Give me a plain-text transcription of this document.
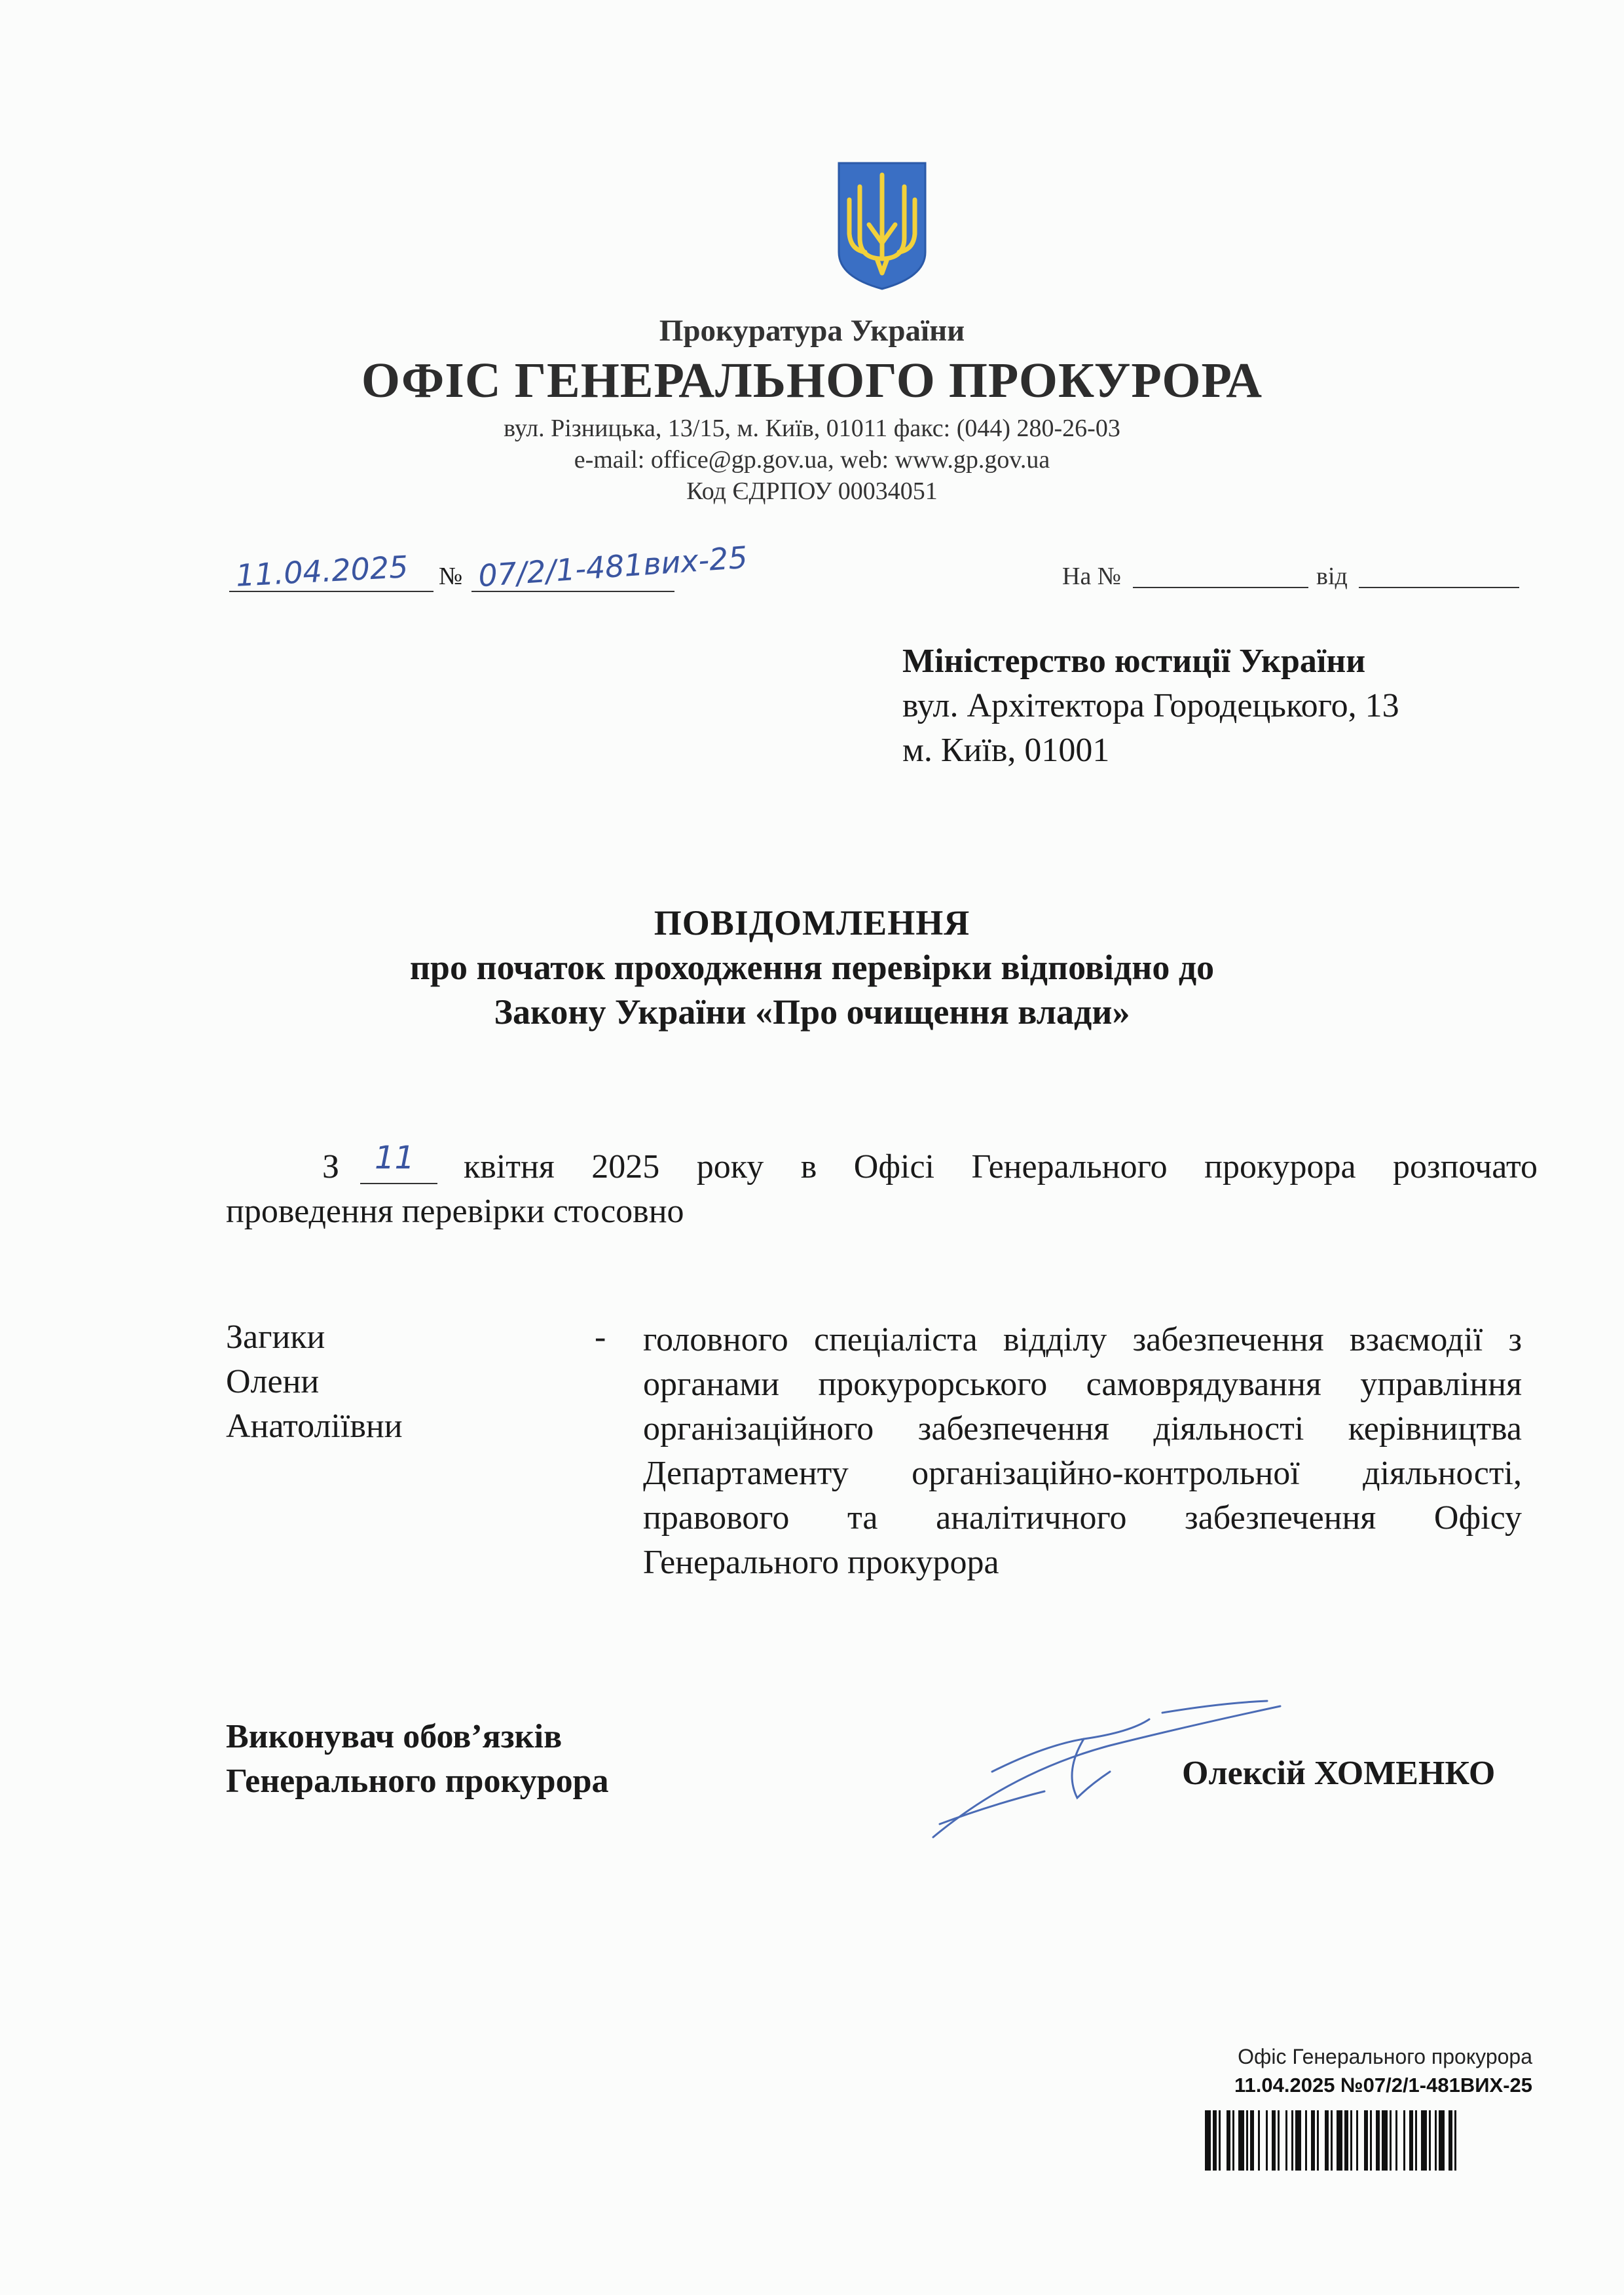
Прокуратура України
ОФІС ГЕНЕРАЛЬНОГО ПРОКУРОРА
вул. Різницька, 13/15, м. Київ, 01011 факс: (044) 280-26-03
e-mail: office@gp.gov.ua, web: www.gp.gov.ua
Код ЄДРПОУ 00034051
11.04.2025 № 07/2/1-481вих-25	На №	від
Міністерство юстиції України
вул. Архітектора Городецького, 13
м. Київ, 01001
ПОВІДОМЛЕННЯ
про початок проходження перевірки відповідно до
Закону України «Про очищення влади»
З 11 квітня 2025 року в Офісі Генерального прокурора розпочато
проведення перевірки стосовно
Загики
Олени
Анатоліївни
- головного спеціаліста відділу забезпечення взаємодії з органами прокурорського самоврядування управління організаційного забезпечення діяльності керівництва Департаменту організаційно-контрольної діяльності, правового та аналітичного забезпечення Офісу Генерального прокурора
Виконувач обов’язків
Генерального прокурора	Олексій ХОМЕНКО
Офіс Генерального прокурора
11.04.2025 №07/2/1-481ВИХ-25
